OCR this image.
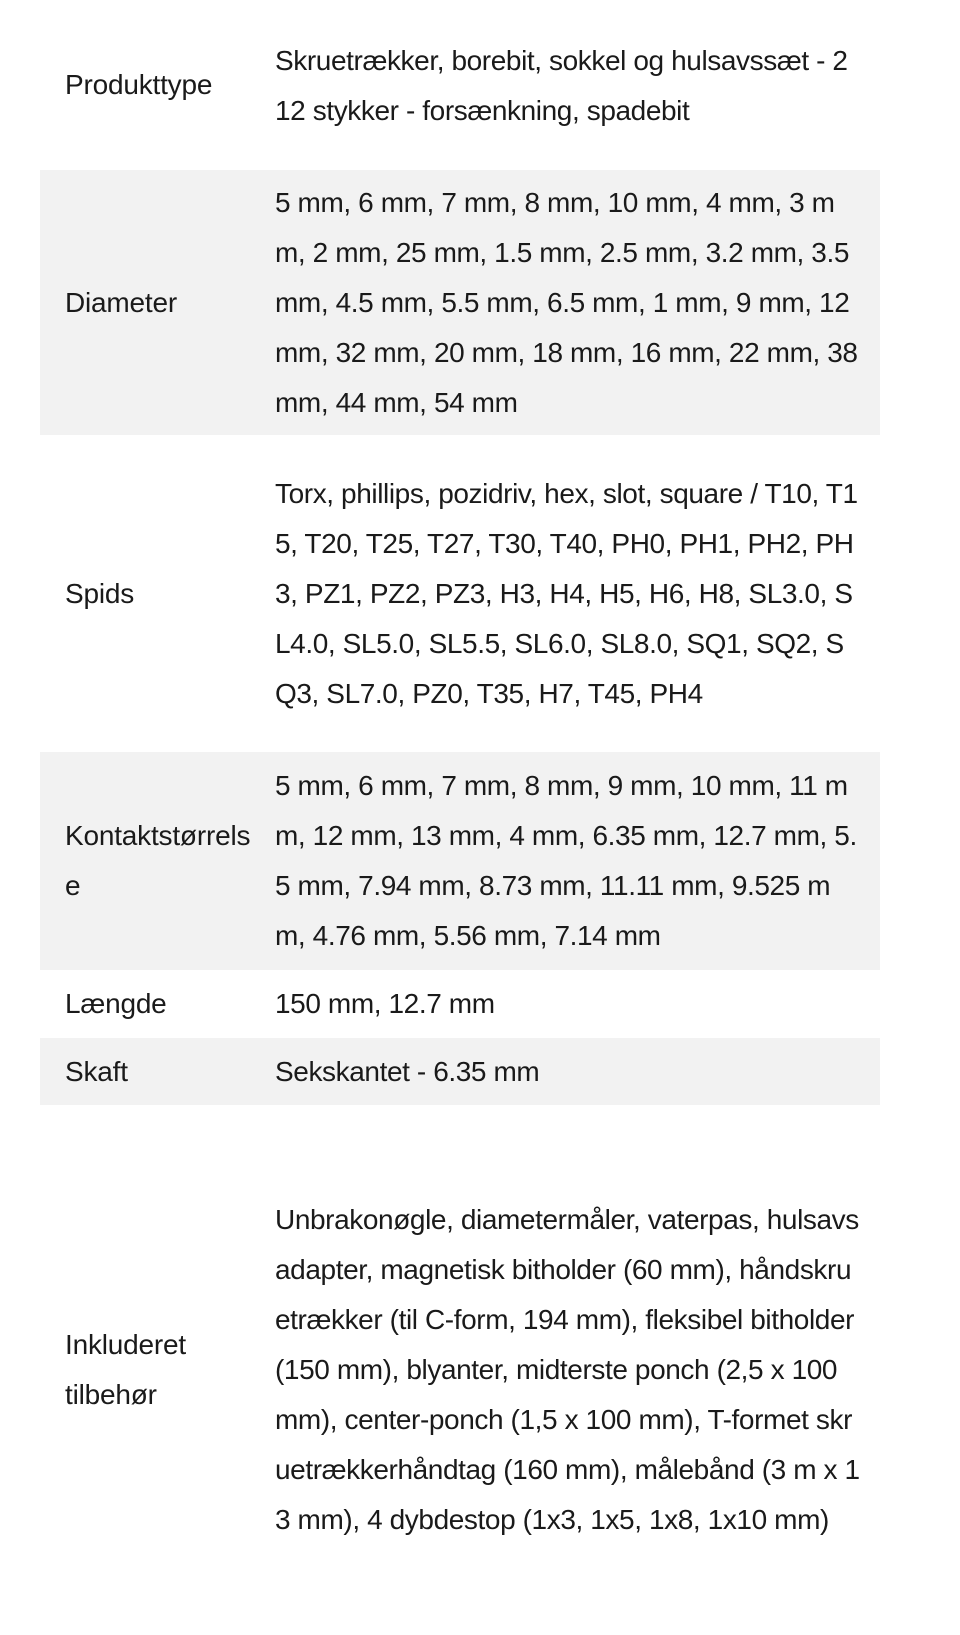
Produkttype
Skruetrækker, borebit, sokkel og hulsavssæt - 212 stykker - forsænkning, spadebit
Diameter
5 mm, 6 mm, 7 mm, 8 mm, 10 mm, 4 mm, 3 mm, 2 mm, 25 mm, 1.5 mm, 2.5 mm, 3.2 mm, 3.5 mm, 4.5 mm, 5.5 mm, 6.5 mm, 1 mm, 9 mm, 12 mm, 32 mm, 20 mm, 18 mm, 16 mm, 22 mm, 38 mm, 44 mm, 54 mm
Spids
Torx, phillips, pozidriv, hex, slot, square / T10, T15, T20, T25, T27, T30, T40, PH0, PH1, PH2, PH3, PZ1, PZ2, PZ3, H3, H4, H5, H6, H8, SL3.0, SL4.0, SL5.0, SL5.5, SL6.0, SL8.0, SQ1, SQ2, SQ3, SL7.0, PZ0, T35, H7, T45, PH4
Kontaktstørrelse
5 mm, 6 mm, 7 mm, 8 mm, 9 mm, 10 mm, 11 mm, 12 mm, 13 mm, 4 mm, 6.35 mm, 12.7 mm, 5.5 mm, 7.94 mm, 8.73 mm, 11.11 mm, 9.525 mm, 4.76 mm, 5.56 mm, 7.14 mm
Længde	150 mm, 12.7 mm
Skaft	Sekskantet - 6.35 mm
Inkluderet tilbehør
Unbrakonøgle, diametermåler, vaterpas, hulsavsadapter, magnetisk bitholder (60 mm), håndskruetrækker (til C-form, 194 mm), fleksibel bitholder (150 mm), blyanter, midterste ponch (2,5 x 100 mm), center-ponch (1,5 x 100 mm), T-formet skruetrækkerhåndtag (160 mm), målebånd (3 m x 13 mm), 4 dybdestop (1x3, 1x5, 1x8, 1x10 mm)
